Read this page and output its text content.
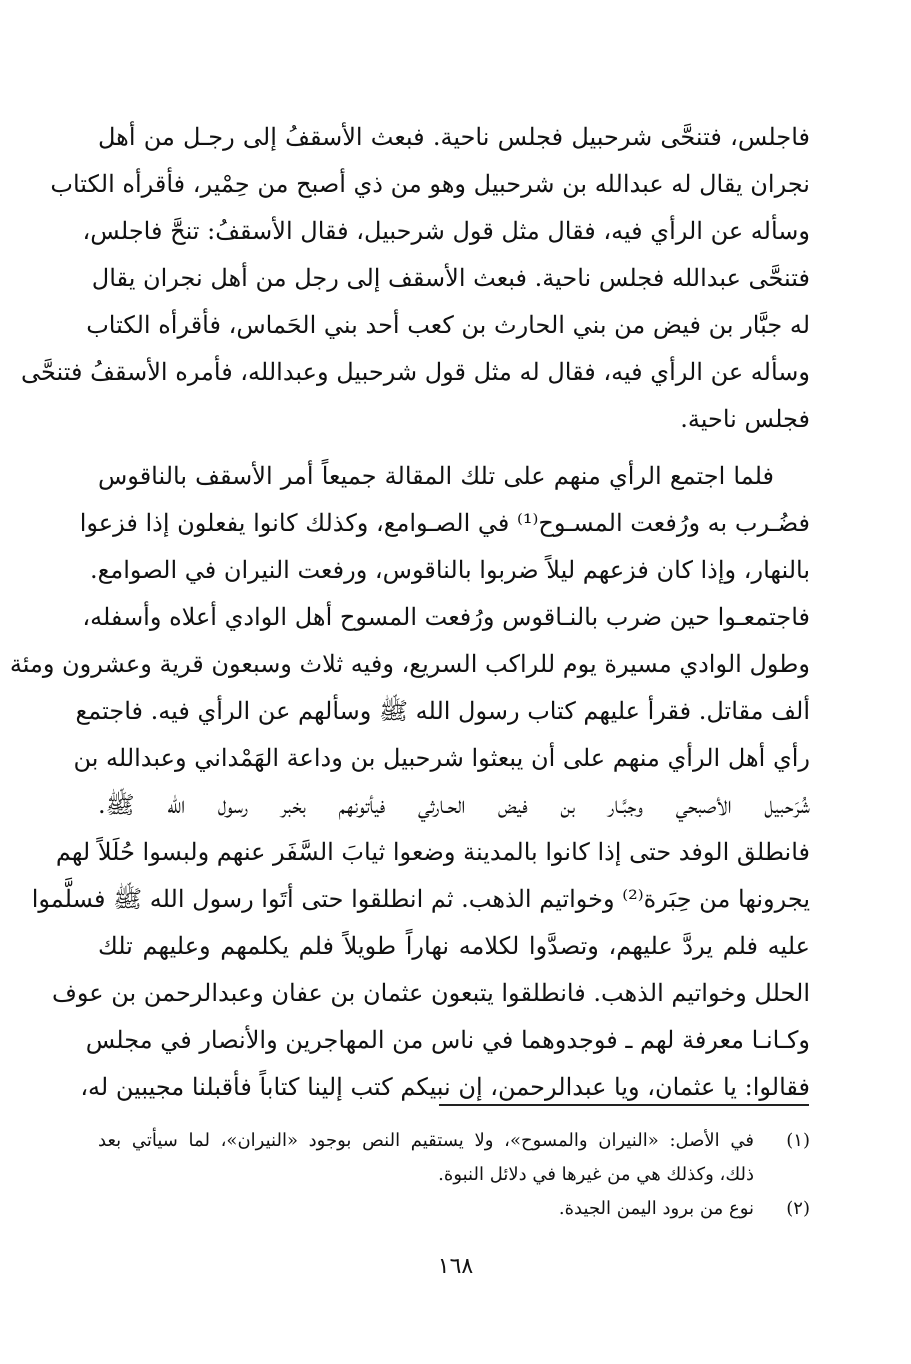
فاجلس، فتنحَّى شرحبيل فجلس ناحية. فبعث الأسقفُ إلى رجـل من أهل
نجران يقال له عبدالله بن شرحبيل وهو من ذي أصبح من حِمْير، فأقرأه الكتاب
وسأله عن الرأي فيه، فقال مثل قول شرحبيل، فقال الأسقفُ: تنحَّ فاجلس،
فتنحَّى عبدالله فجلس ناحية. فبعث الأسقف إلى رجل من أهل نجران يقال
له جبَّار بن فيض من بني الحارث بن كعب أحد بني الحَماس، فأقرأه الكتاب
وسأله عن الرأي فيه، فقال له مثل قول شرحبيل وعبدالله، فأمره الأسقفُ فتنحَّى
فجلس ناحية.

فلما اجتمع الرأي منهم على تلك المقالة جميعاً أمر الأسقف بالناقوس
فضُـرب به ورُفعت المسـوح⁽¹⁾ في الصـوامع، وكذلك كانوا يفعلون إذا فزعوا
بالنهار، وإذا كان فزعهم ليلاً ضربوا بالناقوس، ورفعت النيران في الصوامع.
فاجتمعـوا حين ضرب بالنـاقوس ورُفعت المسوح أهل الوادي أعلاه وأسفله،
وطول الوادي مسيرة يوم للراكب السريع، وفيه ثلاث وسبعون قرية وعشرون ومئة
ألف مقاتل. فقرأ عليهم كتاب رسول الله ﷺ وسألهم عن الرأي فيه. فاجتمع
رأي أهل الرأي منهم على أن يبعثوا شرحبيل بن وداعة الهَمْداني وعبدالله بن
شُرَحبيل الأصبحي وجبَّـار بن فيض الحـارثي فيأتونهم بخبر رسول الله ﷺ.
فانطلق الوفد حتى إذا كانوا بالمدينة وضعوا ثيابَ السَّفَر عنهم ولبسوا حُلَلاً لهم
يجرونها من حِبَرة⁽²⁾ وخواتيم الذهب. ثم انطلقوا حتى أتَوا رسول الله ﷺ فسلَّموا
عليه فلم يردَّ عليهم، وتصدَّوا لكلامه نهاراً طويلاً فلم يكلمهم وعليهم تلك
الحلل وخواتيم الذهب. فانطلقوا يتبعون عثمان بن عفان وعبدالرحمن بن عوف
وكـانـا معرفة لهم ـ فوجدوهما في ناس من المهاجرين والأنصار في مجلس
فقالوا: يا عثمان، ويا عبدالرحمن، إن نبيكم كتب إلينا كتاباً فأقبلنا مجيبين له،

(١)
في الأصل: «النيران والمسوح»، ولا يستقيم النص بوجود «النيران»، لما سيأتي بعد
ذلك، وكذلك هي من غيرها في دلائل النبوة.
(٢)
نوع من برود اليمن الجيدة.
١٦٨
